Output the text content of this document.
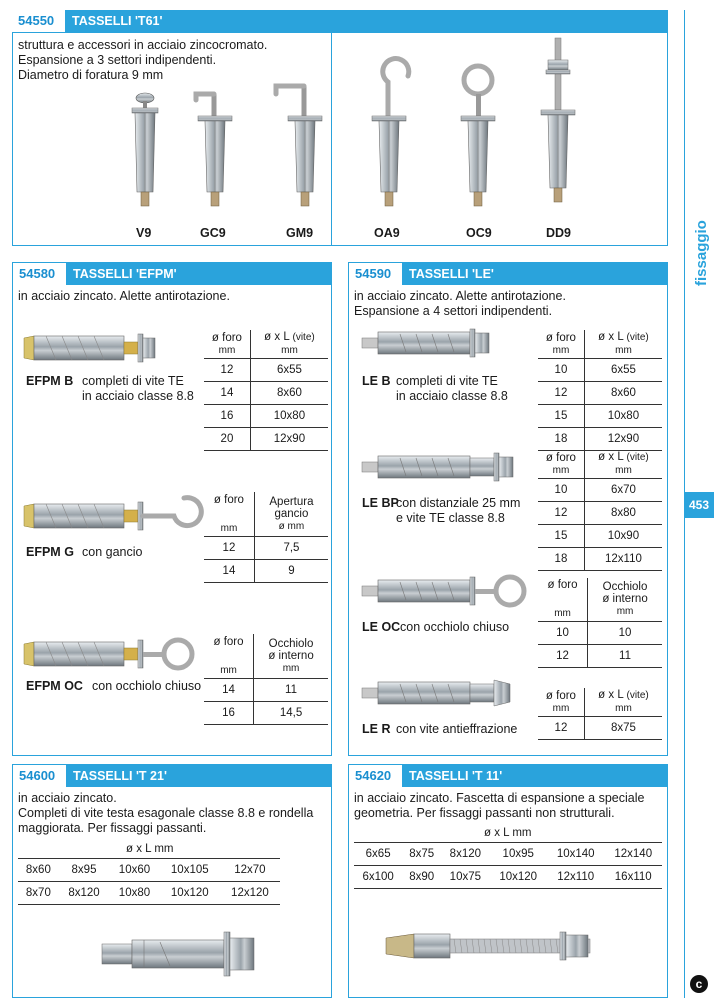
fissaggio
453
c
54550	TASSELLI 'T61'
struttura e accessori in acciaio zincocromato.
Espansione a 3 settori indipendenti.
Diametro di foratura 9 mm
V9	GC9	GM9	OA9	OC9	DD9
54580	TASSELLI 'EFPM'
in acciaio zincato. Alette antirotazione.
EFPM B completi di vite TE
in acciaio classe 8.8
ø foro
mm	ø x L (vite)
mm
12	6x55
14	8x60
16	10x80
20	12x90
EFPM G con gancio
ø foro

mm	Apertura
gancio
ø mm
12	7,5
14	9
EFPM OC con occhiolo chiuso
ø foro

mm	Occhiolo
ø interno
mm
14	11
16	14,5
54590	TASSELLI 'LE'
in acciaio zincato. Alette antirotazione.
Espansione a 4 settori indipendenti.
LE B completi di vite TE
in acciaio classe 8.8
ø foro
mm	ø x L (vite)
mm
10	6x55
12	8x60
15	10x80
18	12x90
LE BP
con distanziale 25 mm
e vite TE classe 8.8
ø foro
mm	ø x L (vite)
mm
10	6x70
12	8x80
15	10x90
18	12x110
LE OC con occhiolo chiuso
ø foro

mm	Occhiolo
ø interno
mm
10	10
12	11
LE R con vite antieffrazione
ø foro
mm	ø x L (vite)
mm
12	8x75
54600	TASSELLI 'T 21'
in acciaio zincato.
Completi di vite testa esagonale classe 8.8 e rondella
maggiorata. Per fissaggi passanti.
ø x L mm
8x60	8x95	10x60	10x105	12x70
8x70	8x120	10x80	10x120	12x120
54620	TASSELLI 'T 11'
in acciaio zincato. Fascetta di espansione a speciale
geometria. Per fissaggi passanti non strutturali.
ø x L mm
6x65	8x75	8x120	10x95	10x140	12x140
6x100	8x90	10x75	10x120	12x110	16x110
